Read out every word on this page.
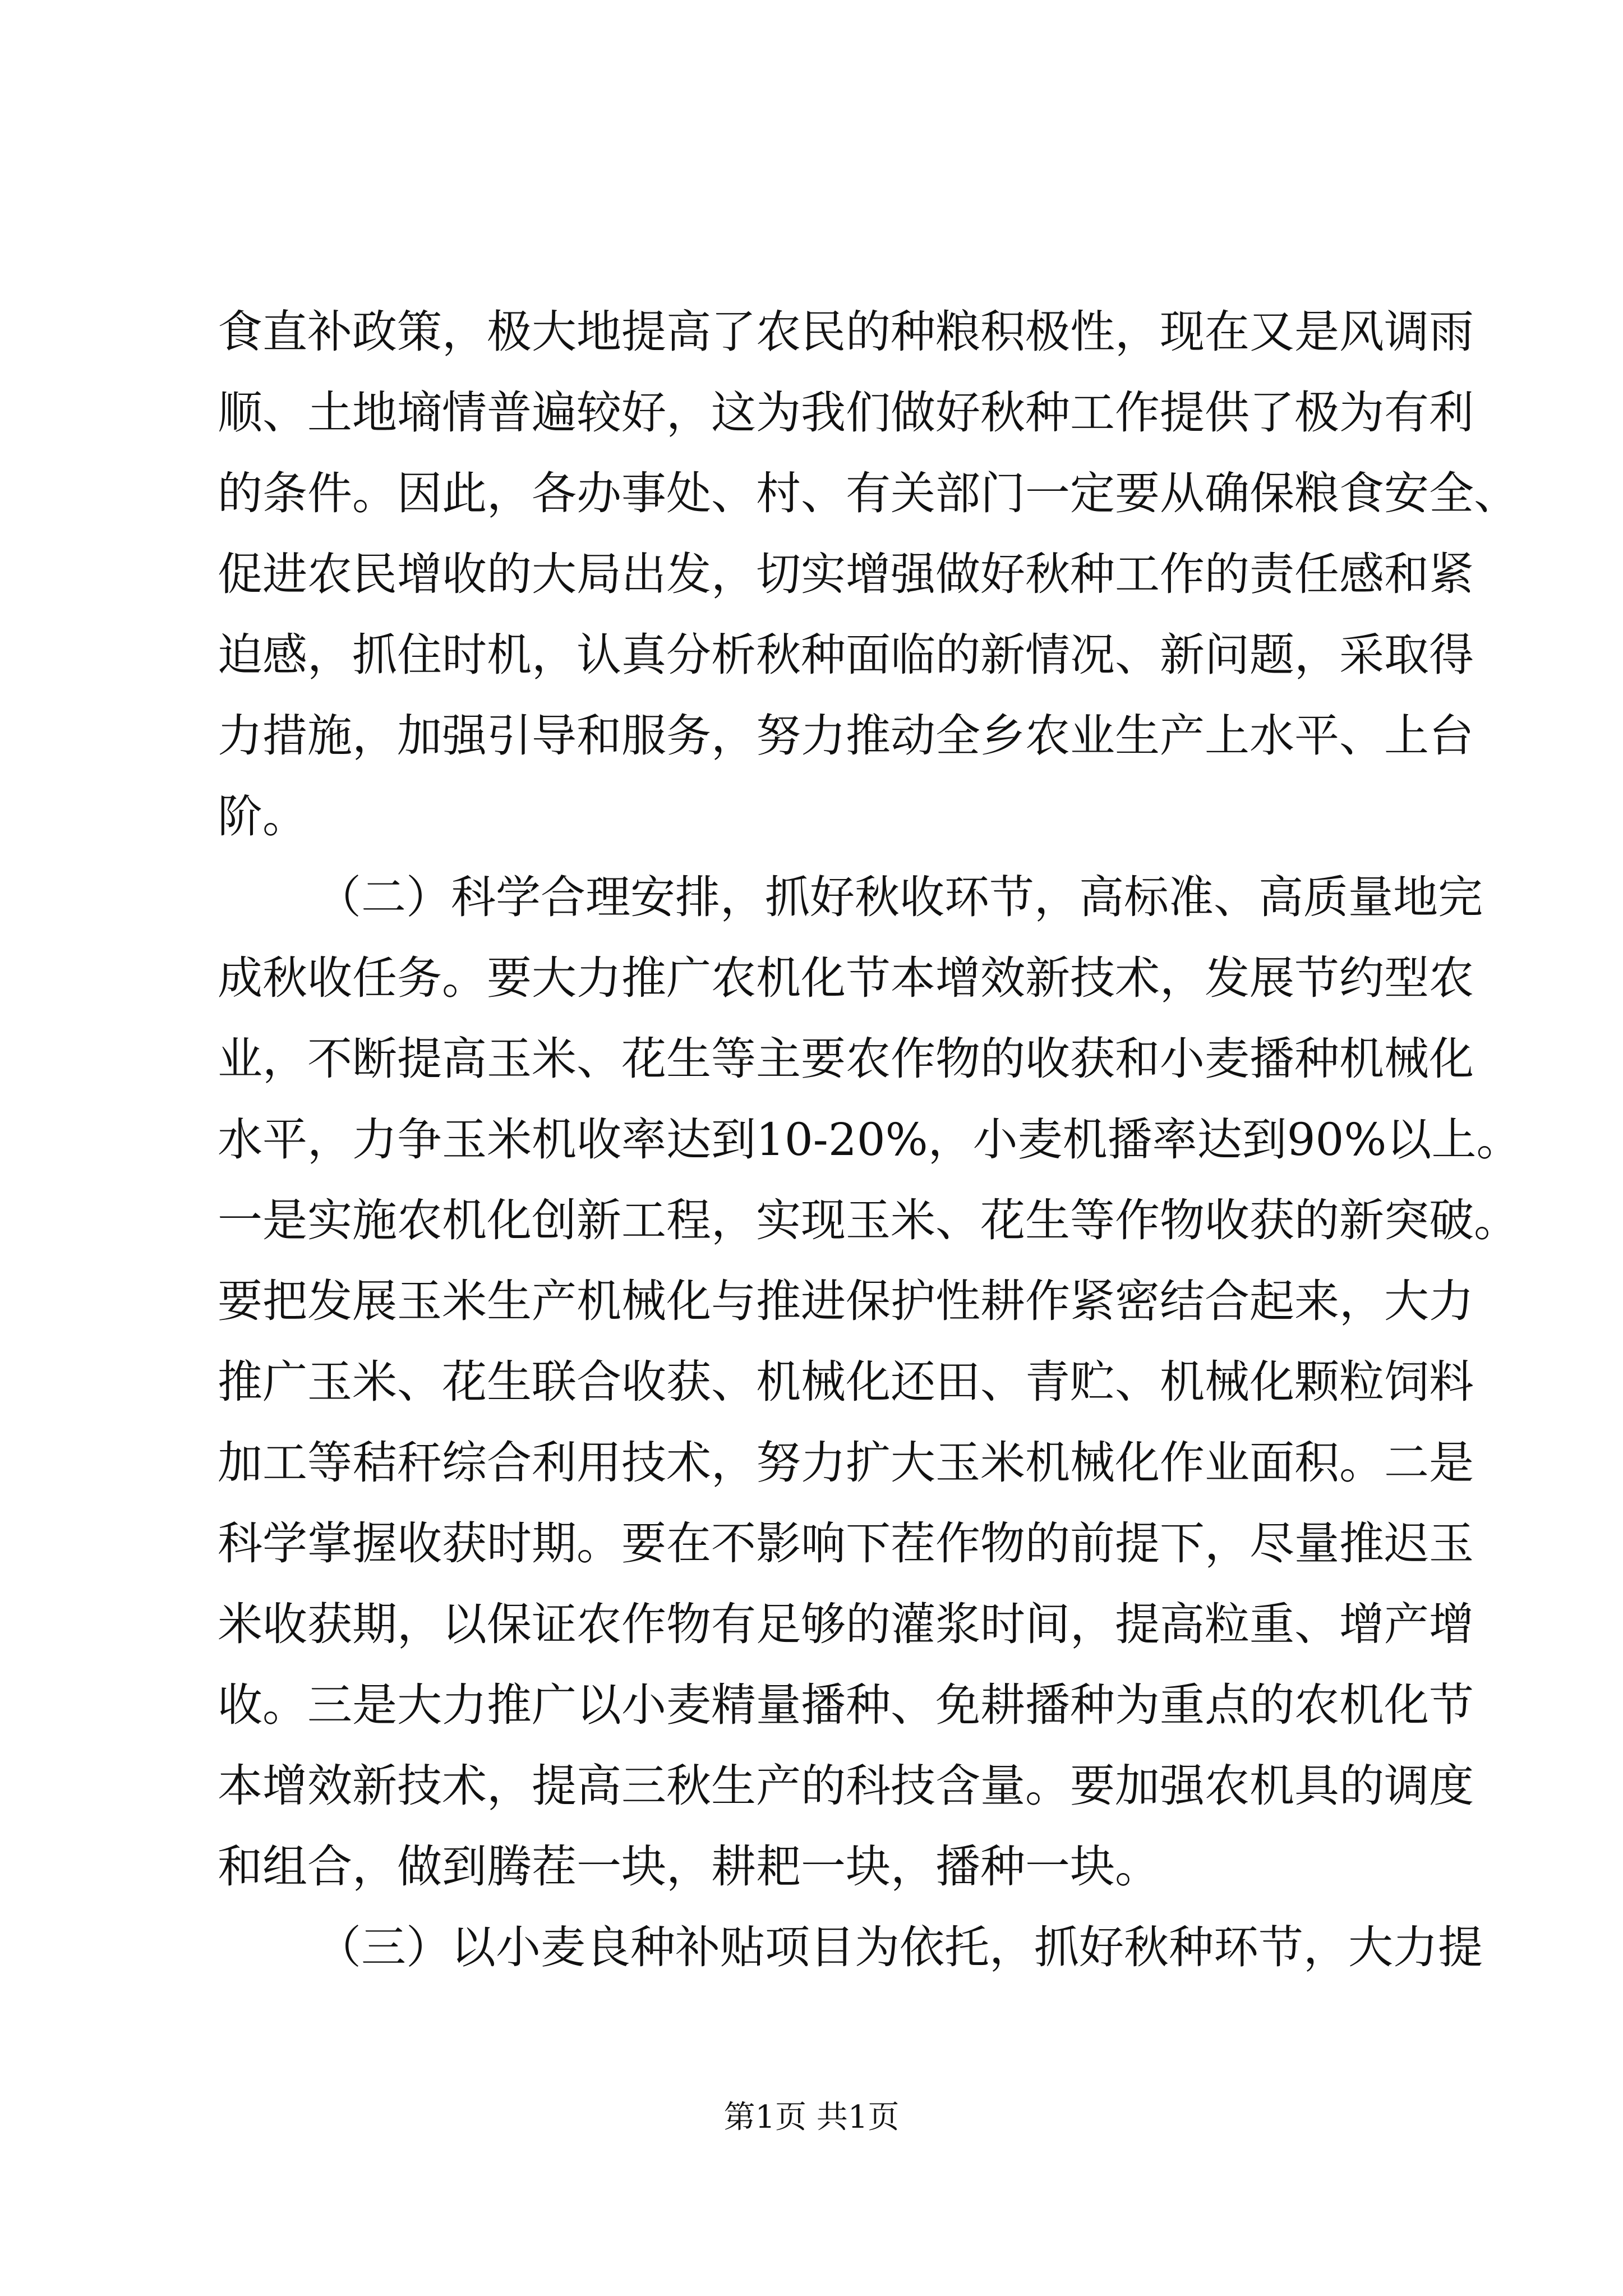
食直补政策，极大地提高了农民的种粮积极性，现在又是风调雨
顺、土地墒情普遍较好，这为我们做好秋种工作提供了极为有利
的条件。因此，各办事处、村、有关部门一定要从确保粮食安全、
促进农民增收的大局出发，切实增强做好秋种工作的责任感和紧
迫感，抓住时机，认真分析秋种面临的新情况、新问题，采取得
力措施，加强引导和服务，努力推动全乡农业生产上水平、上台
阶。
（二）科学合理安排，抓好秋收环节，高标准、高质量地完
成秋收任务。要大力推广农机化节本增效新技术，发展节约型农
业，不断提高玉米、花生等主要农作物的收获和小麦播种机械化
水平，力争玉米机收率达到10-20%，小麦机播率达到90%以上。
一是实施农机化创新工程，实现玉米、花生等作物收获的新突破。
要把发展玉米生产机械化与推进保护性耕作紧密结合起来，大力
推广玉米、花生联合收获、机械化还田、青贮、机械化颗粒饲料
加工等秸秆综合利用技术，努力扩大玉米机械化作业面积。二是
科学掌握收获时期。要在不影响下茬作物的前提下，尽量推迟玉
米收获期，以保证农作物有足够的灌浆时间，提高粒重、增产增
收。三是大力推广以小麦精量播种、免耕播种为重点的农机化节
本增效新技术，提高三秋生产的科技含量。要加强农机具的调度
和组合，做到腾茬一块，耕耙一块，播种一块。
（三）以小麦良种补贴项目为依托，抓好秋种环节，大力提
第1页 共1页
